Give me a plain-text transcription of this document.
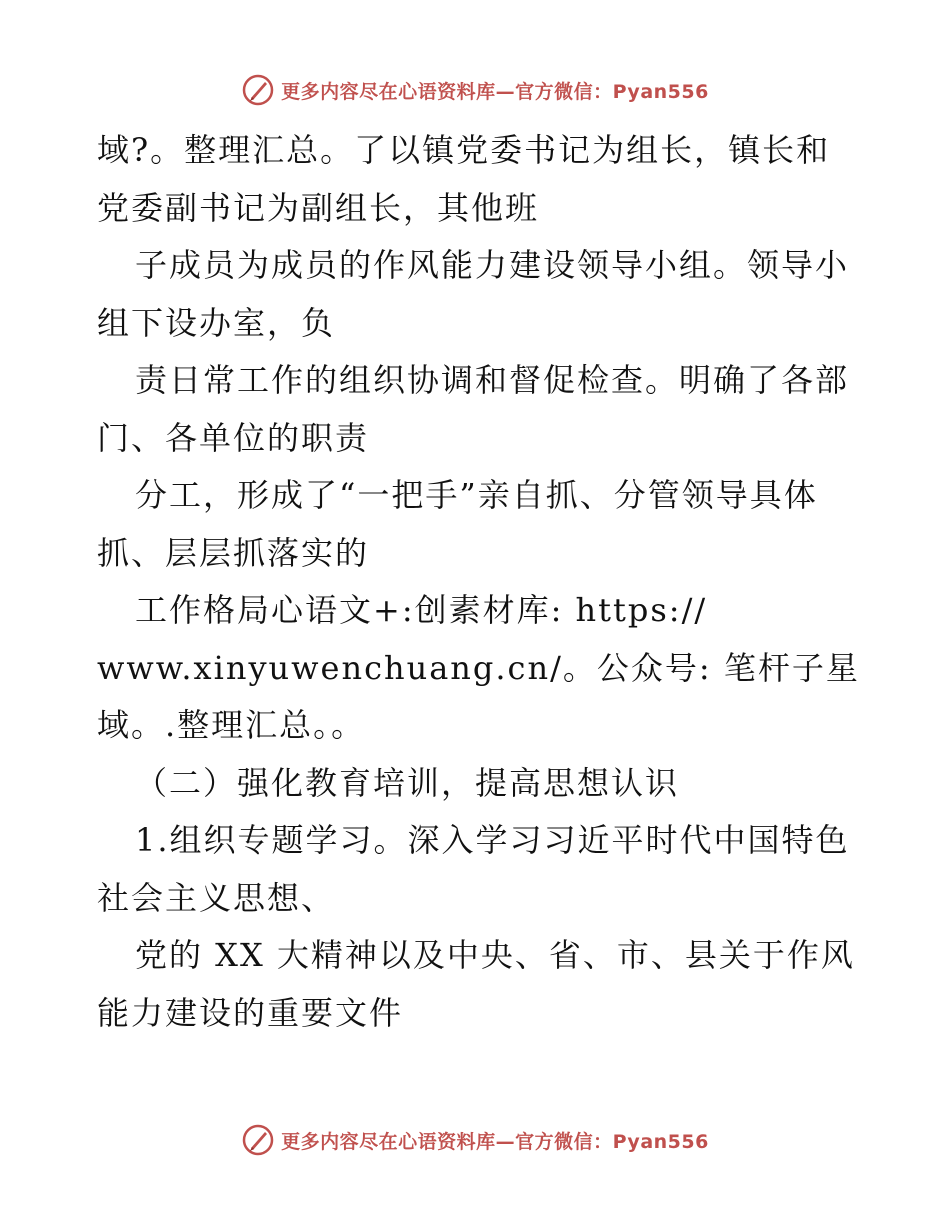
更多内容尽在心语资料库—官方微信：Pyan556
域?。整理汇总。了以镇党委书记为组长，镇长和
党委副书记为副组长，其他班
子成员为成员的作风能力建设领导小组。领导小
组下设办室，负
责日常工作的组织协调和督促检查。明确了各部
门、各单位的职责
分工，形成了“一把手”亲自抓、分管领导具体
抓、层层抓落实的
工作格局心语文+:创素材库: https://
www.xinyuwenchuang.cn/。公众号: 笔杆子星
域。.整理汇总。。
（二）强化教育培训，提高思想认识
1.组织专题学习。深入学习习近平时代中国特色
社会主义思想、
党的 XX 大精神以及中央、省、市、县关于作风
能力建设的重要文件
更多内容尽在心语资料库—官方微信：Pyan556
